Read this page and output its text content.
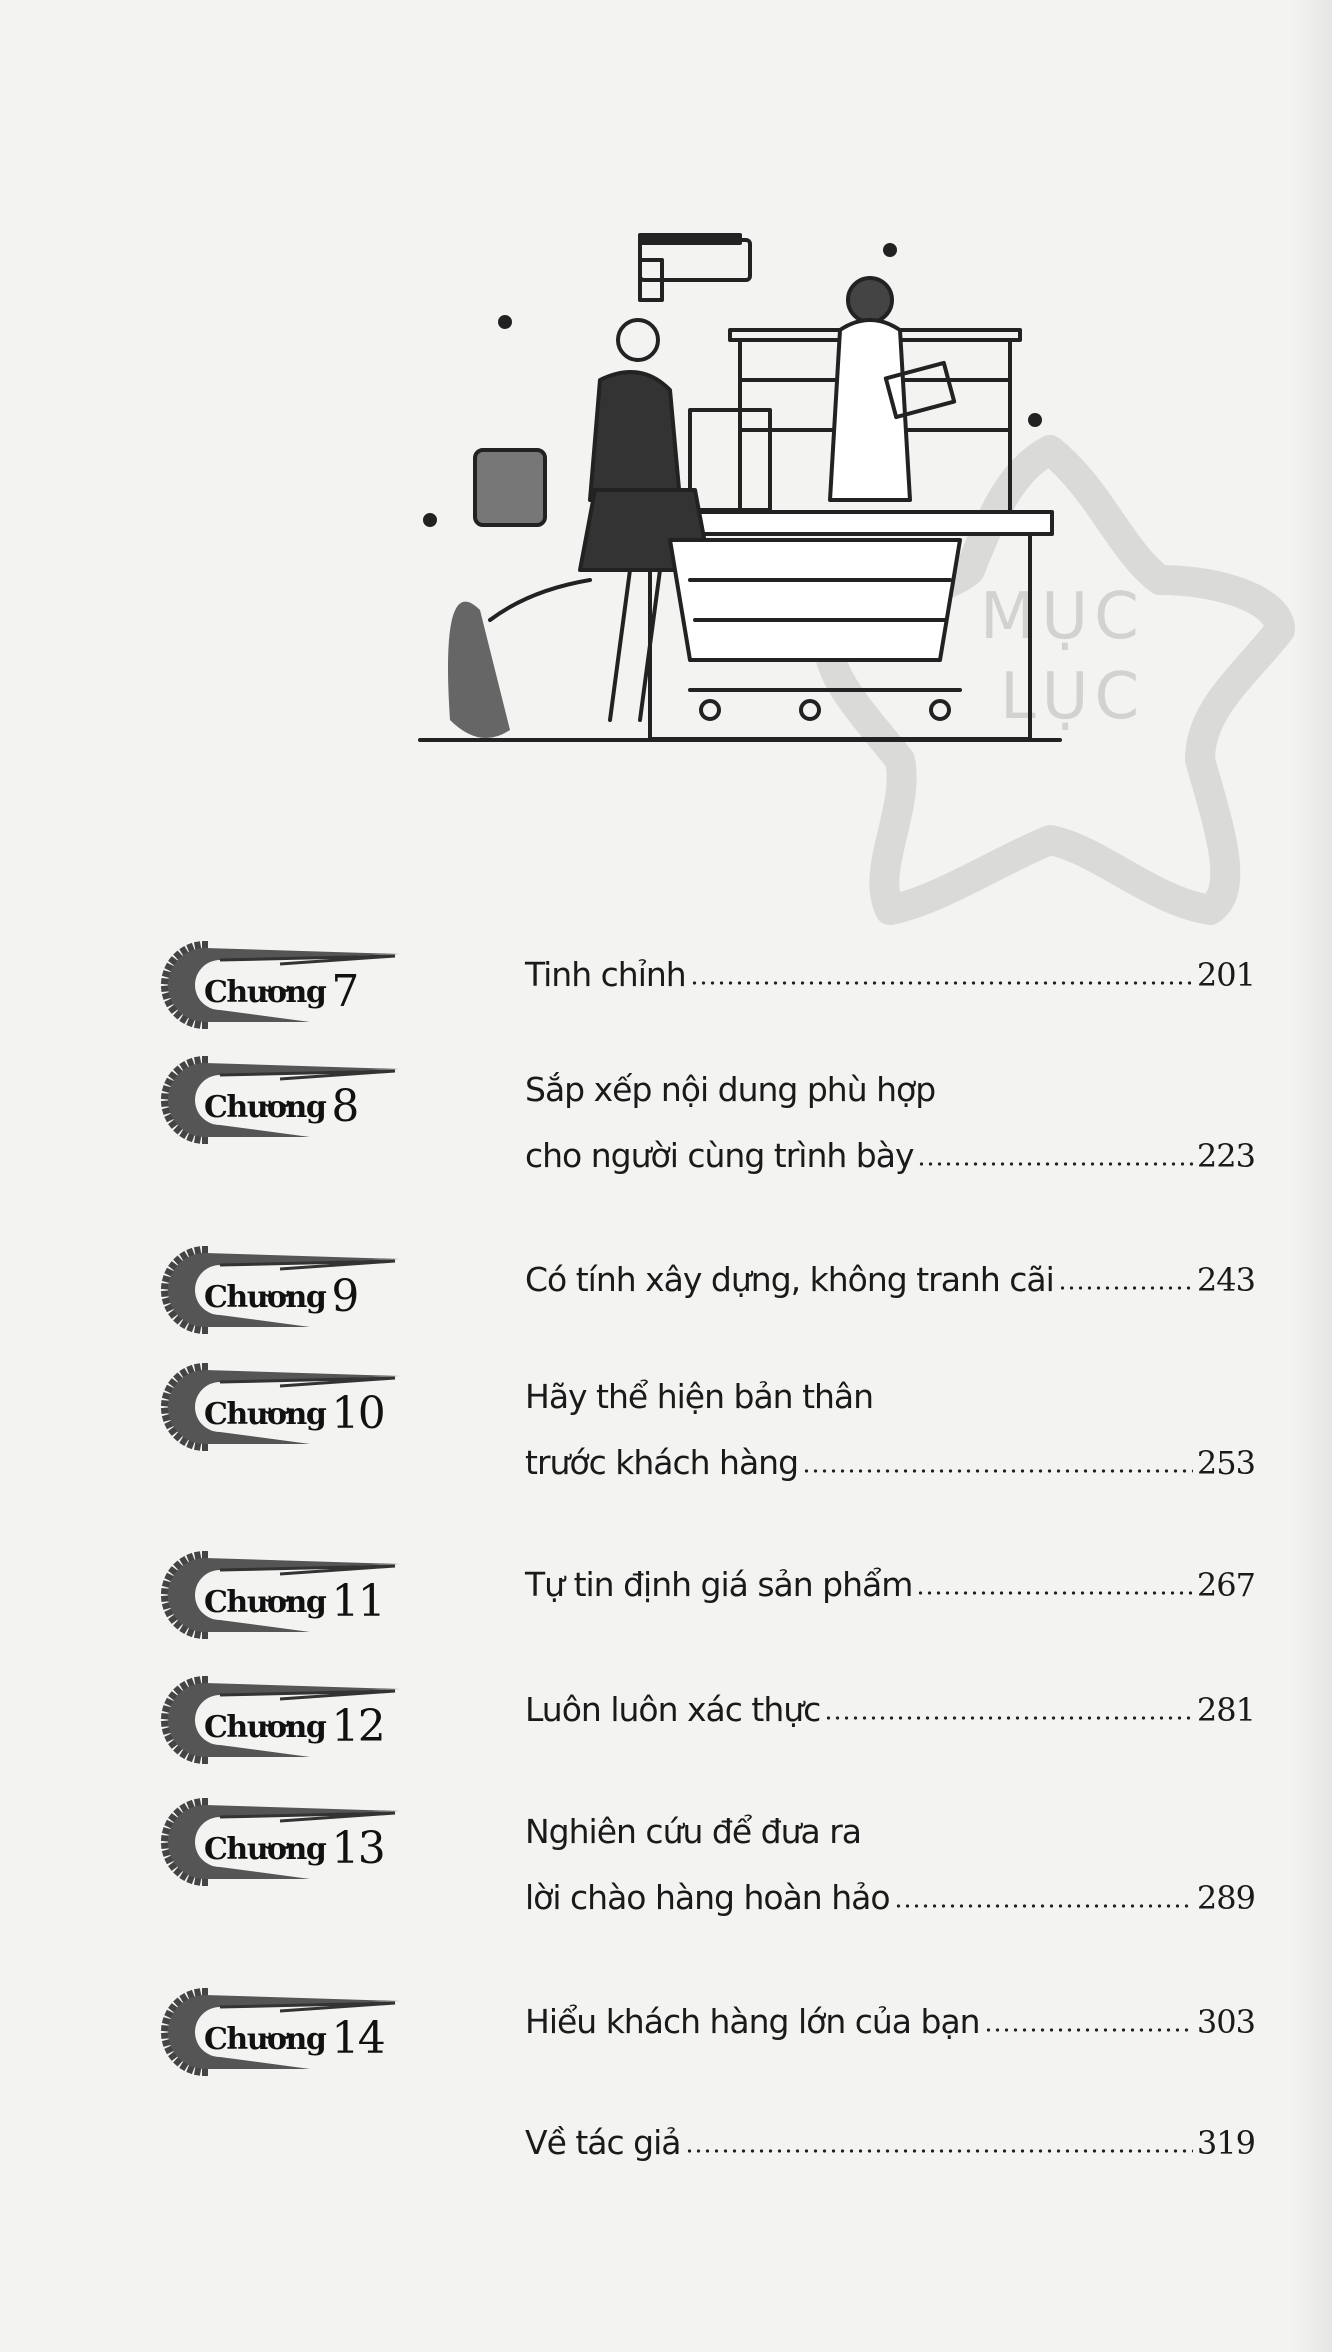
MỤC
LỤC
Chương 7	Tinh chỉnh	201
Chương 8	Sắp xếp nội dung phù hợp
cho người cùng trình bày	223
Chương 9	Có tính xây dựng, không tranh cãi	243
Chương 10	Hãy thể hiện bản thân
trước khách hàng	253
Chương 11	Tự tin định giá sản phẩm	267
Chương 12	Luôn luôn xác thực	281
Chương 13	Nghiên cứu để đưa ra
lời chào hàng hoàn hảo	289
Chương 14	Hiểu khách hàng lớn của bạn	303
Về tác giả	319
